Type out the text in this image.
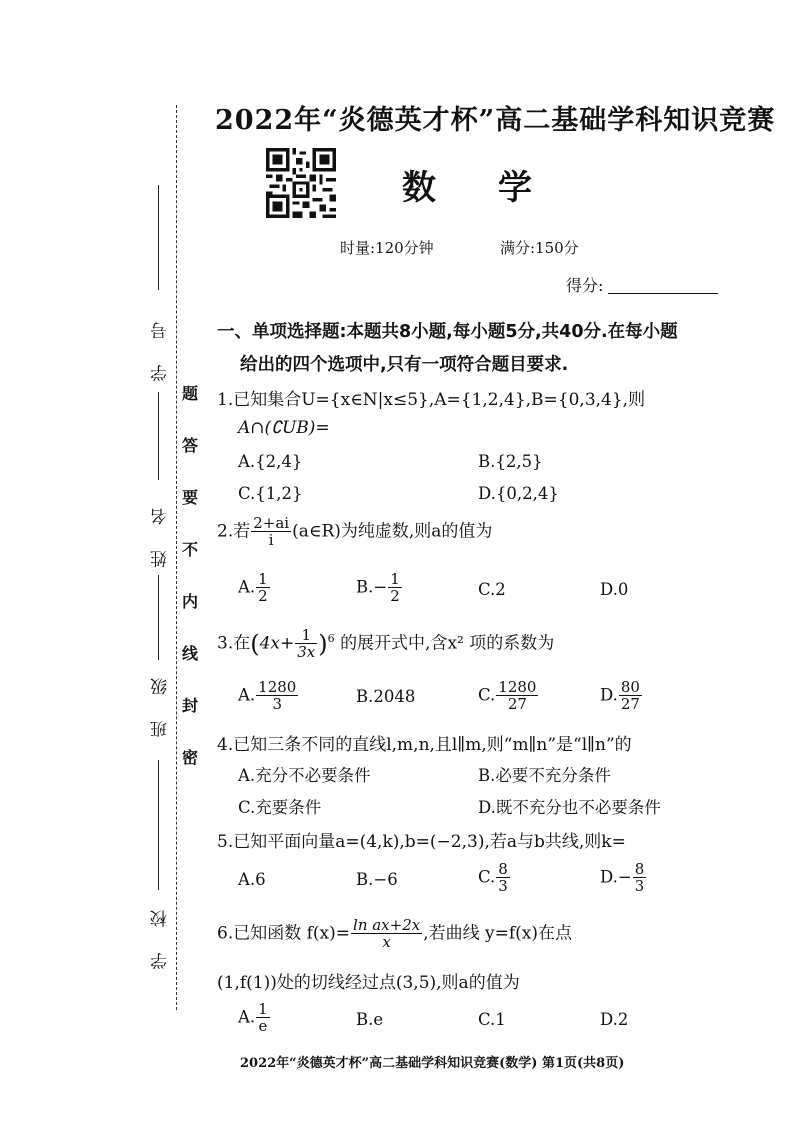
学 号
姓 名
班 级
学 校
题
答
要
不
内
线
封
密
2022年“炎德英才杯”高二基础学科知识竞赛
数学
时量:120分钟	满分:150分
得分:
一、单项选择题:本题共8小题,每小题5分,共40分.在每小题
给出的四个选项中,只有一项符合题目要求.
1.已知集合U={x∈N|x≤5},A={1,2,4},B={0,3,4},则
A∩(∁UB)=
A.{2,4}	B.{2,5}
C.{1,2}	D.{0,2,4}
2.若 $\frac{2+ai}{i}$ (a∈R)为纯虚数,则a的值为
A. $\frac{1}{2}$	$B.- \frac{1}{2}$	C.2	D.0
3.在$(4x+ \frac{1}{3x} )^6$ 的展开式中,含x² 项的系数为
A. $\frac{1280}{3}$	B.2048	C. $\frac{1280}{27}$	D. $\frac{80}{27}$
4.已知三条不同的直线l,m,n,且l∥m,则“m∥n”是“l∥n”的
A.充分不必要条件	B.必要不充分条件
C.充要条件	D.既不充分也不必要条件
5.已知平面向量a=(4,k),b=(−2,3),若a与b共线,则k=
A.6	B.−6	C. $\frac{8}{3}$	$D.- \frac{8}{3}$
6.已知函数 $f(x)= \frac{\text{ln ax+2x}}{x}$ ,若曲线 y=f(x)在点
(1,f(1))处的切线经过点(3,5),则a的值为
A. $\frac{1}{e}$	B.e	C.1	D.2
2022年“炎德英才杯”高二基础学科知识竞赛(数学) 第1页(共8页)
